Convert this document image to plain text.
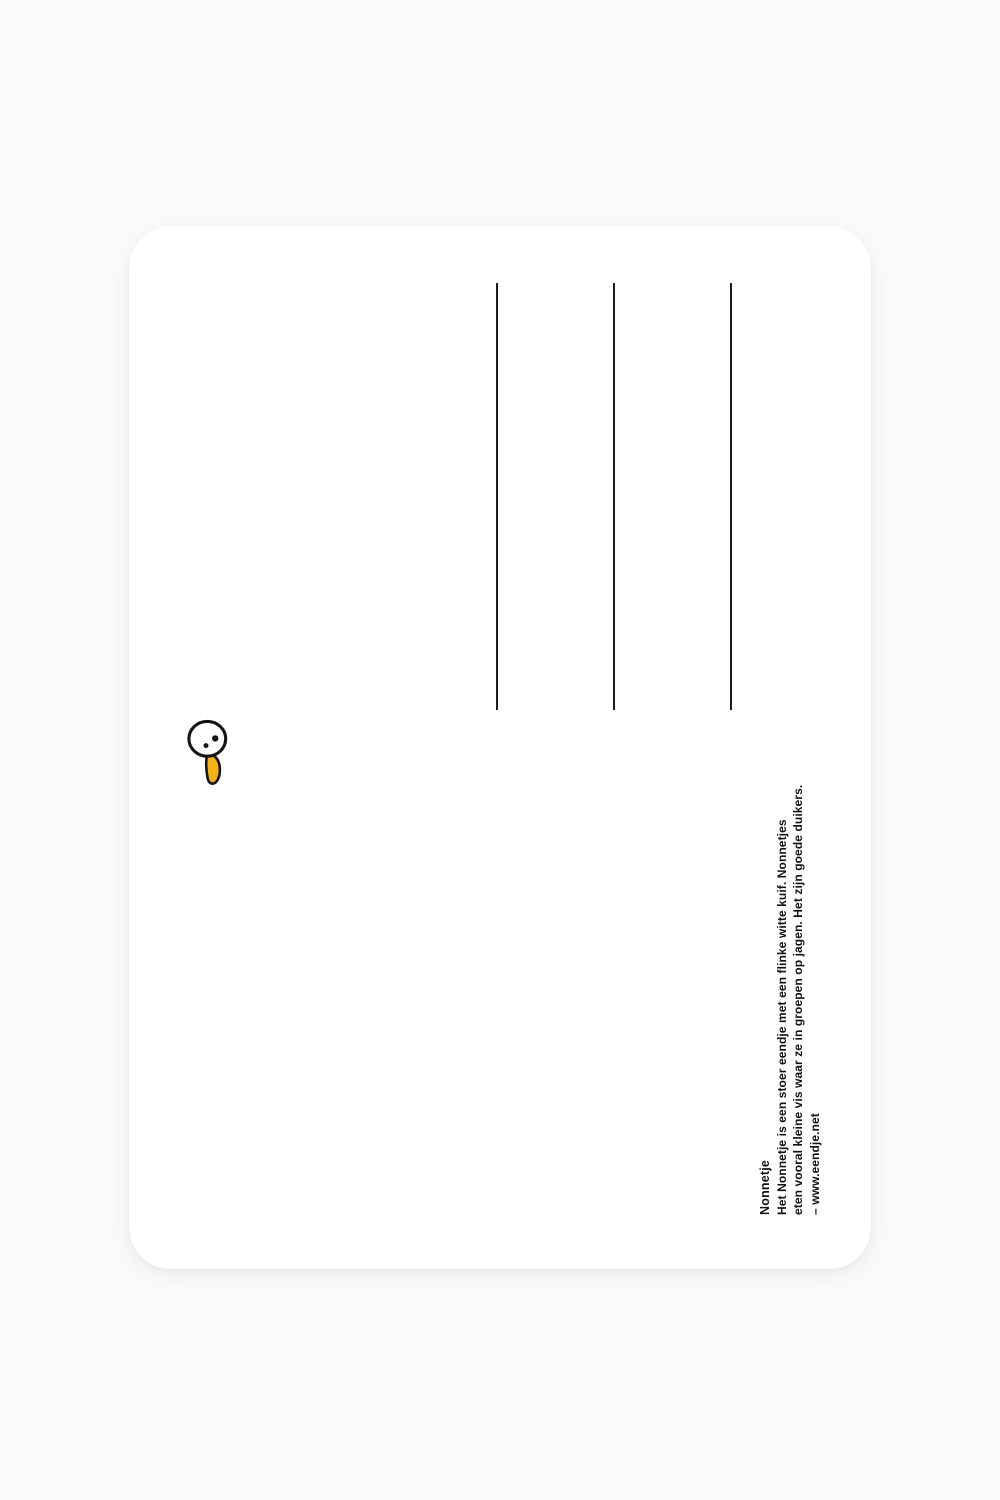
Nonnetje Het Nonnetje is een stoer eendje met een flinke witte kuif. Nonnetjes eten vooral kleine vis waar ze in groepen op jagen. Het zijn goede duikers. – www.eendje.net
